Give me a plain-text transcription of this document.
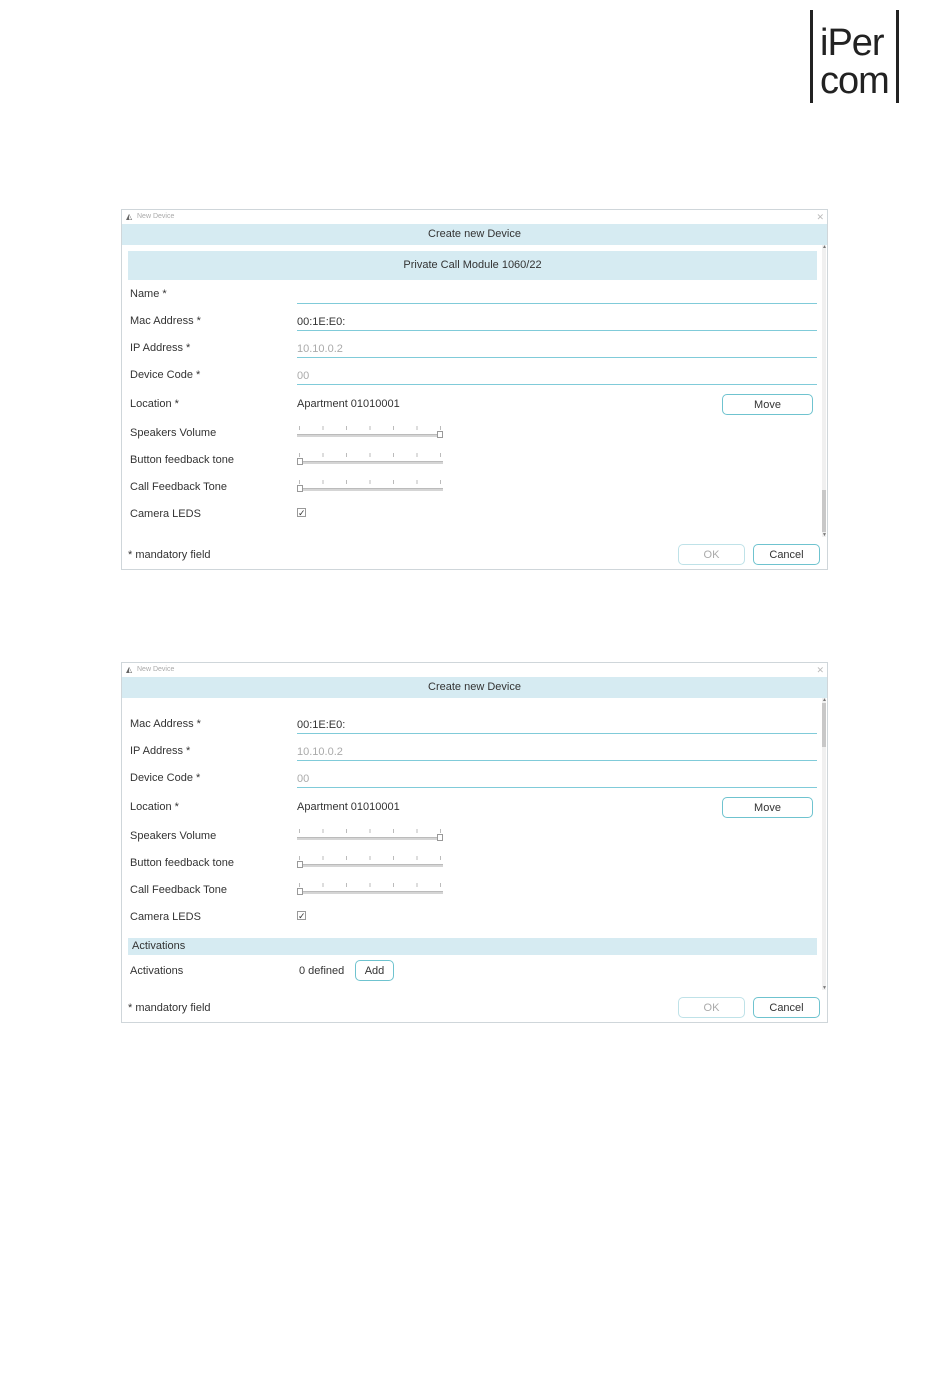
iPer
com
◭ New Device	✕
Create new Device
Private Call Module 1060/22
Name *
Mac Address *	00:1E:E0:
IP Address *	10.10.0.2
Device Code *	00
Location *	Apartment 01010001	Move
Speakers Volume
Button feedback tone
Call Feedback Tone
Camera LEDS	✓
▲
▼
* mandatory field	OK	Cancel
◭ New Device	✕
Create new Device
Mac Address *	00:1E:E0:
IP Address *	10.10.0.2
Device Code *	00
Location *	Apartment 01010001	Move
Speakers Volume
Button feedback tone
Call Feedback Tone
Camera LEDS	✓
Activations
Activations	0 defined	Add
▲
▼
* mandatory field	OK	Cancel
